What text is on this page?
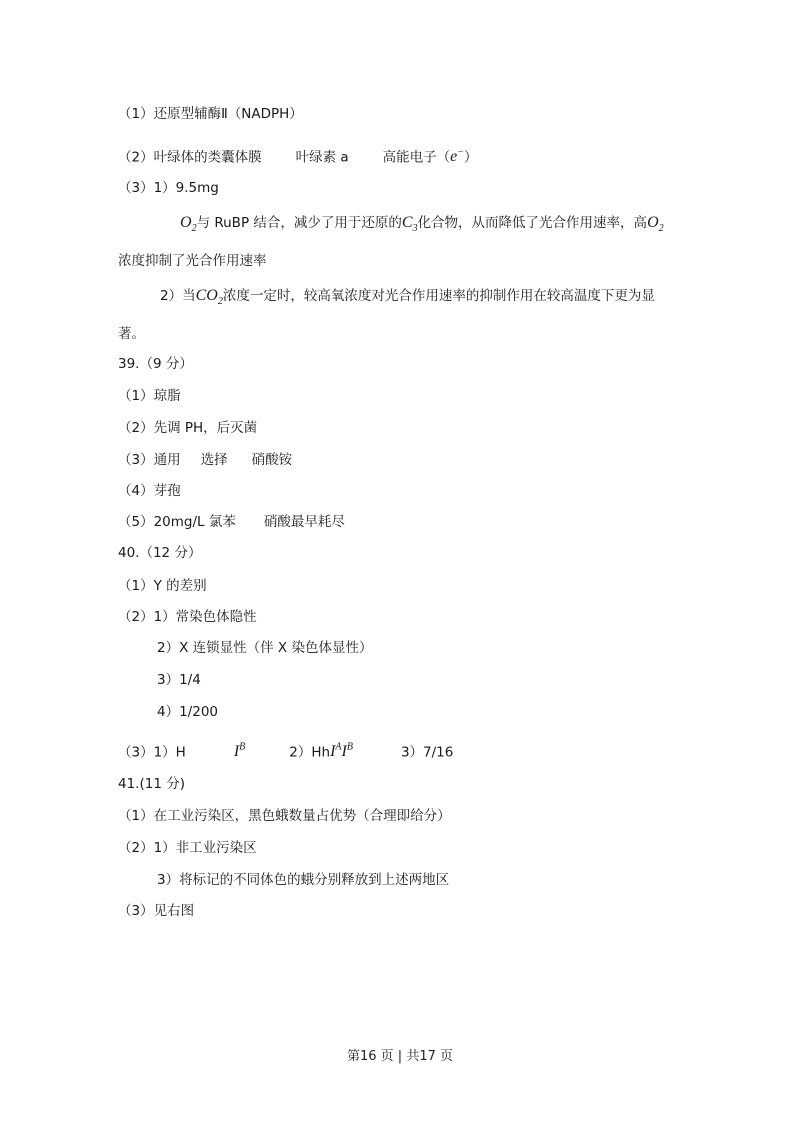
（1）还原型辅酶Ⅱ（NADPH）
（2）叶绿体的类囊体膜	叶绿素 a	高能电子（e−）
（3）1）9.5mg
$O_2$与 RuBP 结合，减少了用于还原的$C_3$化合物，从而降低了光合作用速率，高$O_2$
浓度抑制了光合作用速率
2）当$CO_2$浓度一定时，较高氧浓度对光合作用速率的抑制作用在较高温度下更为显
著。
39.（9 分）
（1）琼脂
（2）先调 PH，后灭菌
（3）通用 选择 硝酸铵
（4）芽孢
（5）20mg/L 氯苯 硝酸最早耗尽
40.（12 分）
（1）Y 的差别
（2）1）常染色体隐性
2）X 连锁显性（伴 X 染色体显性）
3）1/4
4）1/200
（3）1）H	$I^B$	$2)HhI^AI^B$	3）7/16
41.(11 分)
（1）在工业污染区，黑色蛾数量占优势（合理即给分）
（2）1）非工业污染区
3）将标记的不同体色的蛾分别释放到上述两地区
（3）见右图
第16 页 | 共17 页
